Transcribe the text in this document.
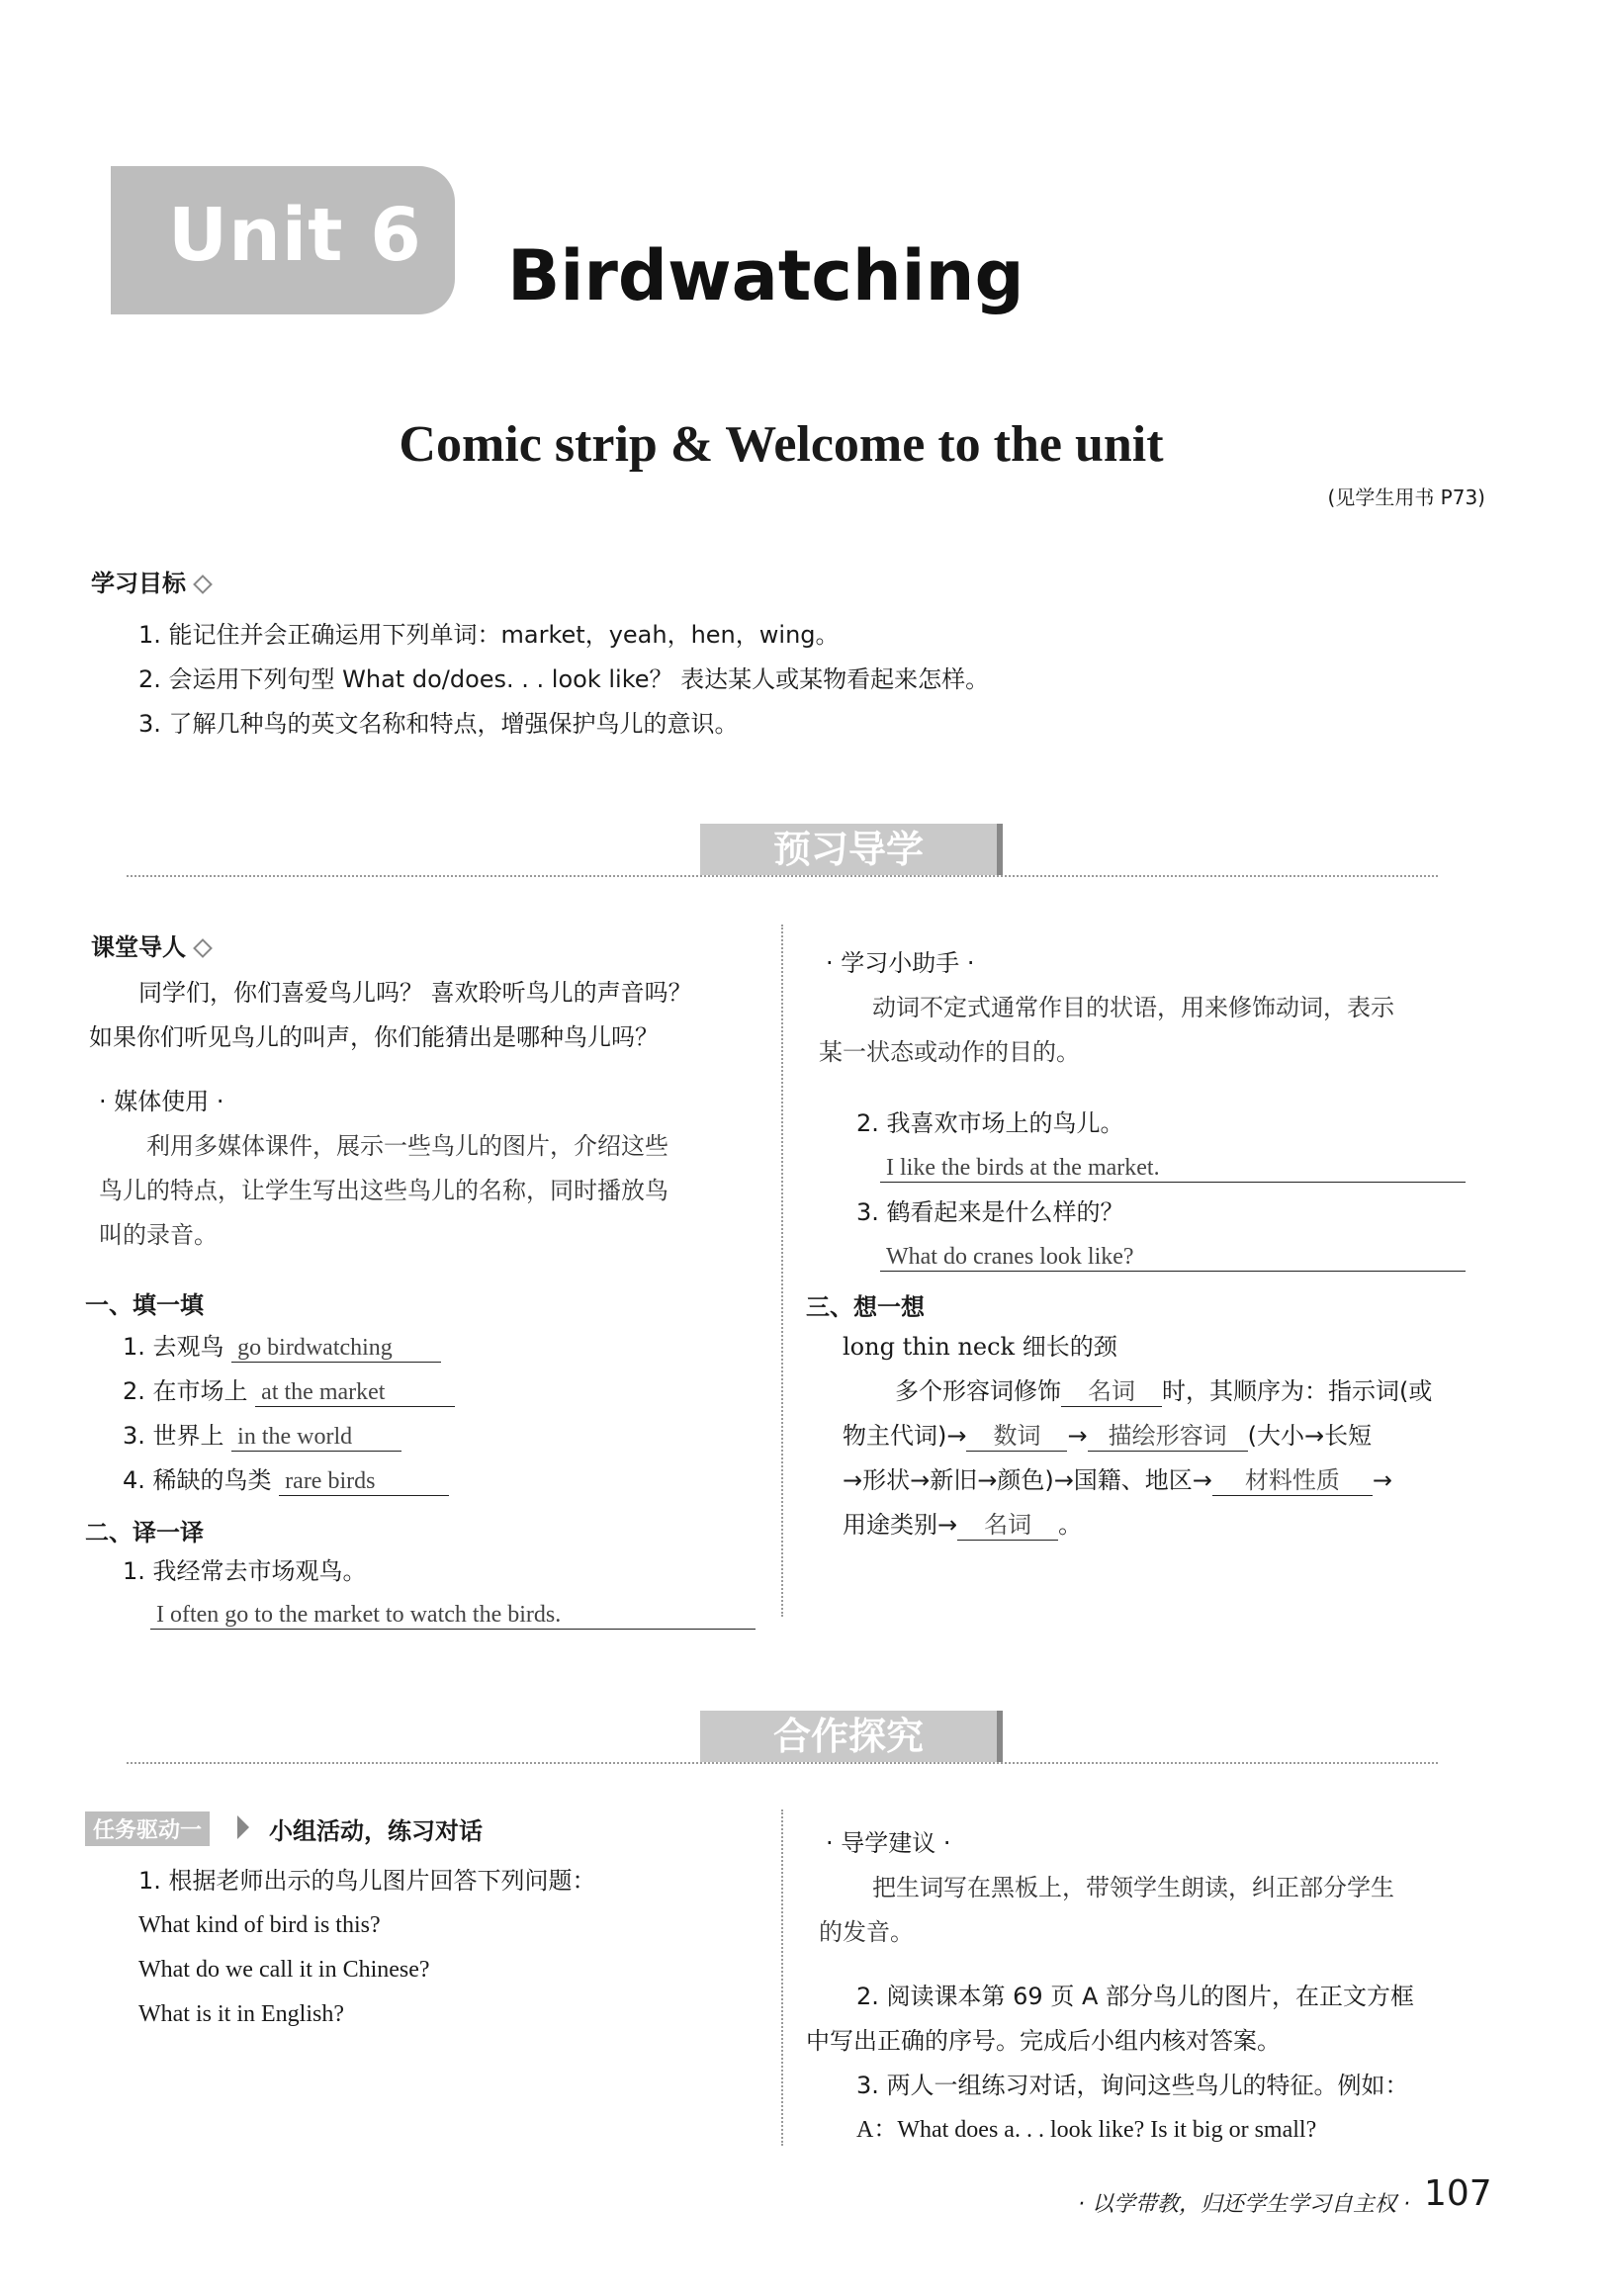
Unit 6 Birdwatching
Comic strip & Welcome to the unit
(见学生用书 P73)
学习目标
1. 能记住并会正确运用下列单词：market，yeah，hen，wing。
2. 会运用下列句型 What do/does. . . look like？ 表达某人或某物看起来怎样。
3. 了解几种鸟的英文名称和特点，增强保护鸟儿的意识。
预习导学
课堂导人
同学们，你们喜爱鸟儿吗？ 喜欢聆听鸟儿的声音吗？
如果你们听见鸟儿的叫声，你们能猜出是哪种鸟儿吗？
· 媒体使用 ·
利用多媒体课件，展示一些鸟儿的图片，介绍这些
鸟儿的特点，让学生写出这些鸟儿的名称，同时播放鸟
叫的录音。
一、填一填
1. 去观鸟 go birdwatching
2. 在市场上 at the market
3. 世界上 in the world
4. 稀缺的鸟类 rare birds
二、译一译
1. 我经常去市场观鸟。
I often go to the market to watch the birds.
· 学习小助手 ·
动词不定式通常作目的状语，用来修饰动词，表示
某一状态或动作的目的。
2. 我喜欢市场上的鸟儿。
I like the birds at the market.
3. 鹤看起来是什么样的？
What do cranes look like?
三、想一想
long thin neck 细长的颈
多个形容词修饰 名词 时，其顺序为：指示词(或
物主代词)→ 数词 → 描绘形容词 (大小→长短
→形状→新旧→颜色)→国籍、地区→ 材料性质 →
用途类别→ 名词 。
合作探究
任务驱动一	小组活动，练习对话
1. 根据老师出示的鸟儿图片回答下列问题：
What kind of bird is this?
What do we call it in Chinese?
What is it in English?
· 导学建议 ·
把生词写在黑板上，带领学生朗读，纠正部分学生
的发音。
2. 阅读课本第 69 页 A 部分鸟儿的图片，在正文方框
中写出正确的序号。完成后小组内核对答案。
3. 两人一组练习对话，询问这些鸟儿的特征。例如：
A：What does a. . . look like? Is it big or small?
· 以学带教，归还学生学习自主权 · 107
